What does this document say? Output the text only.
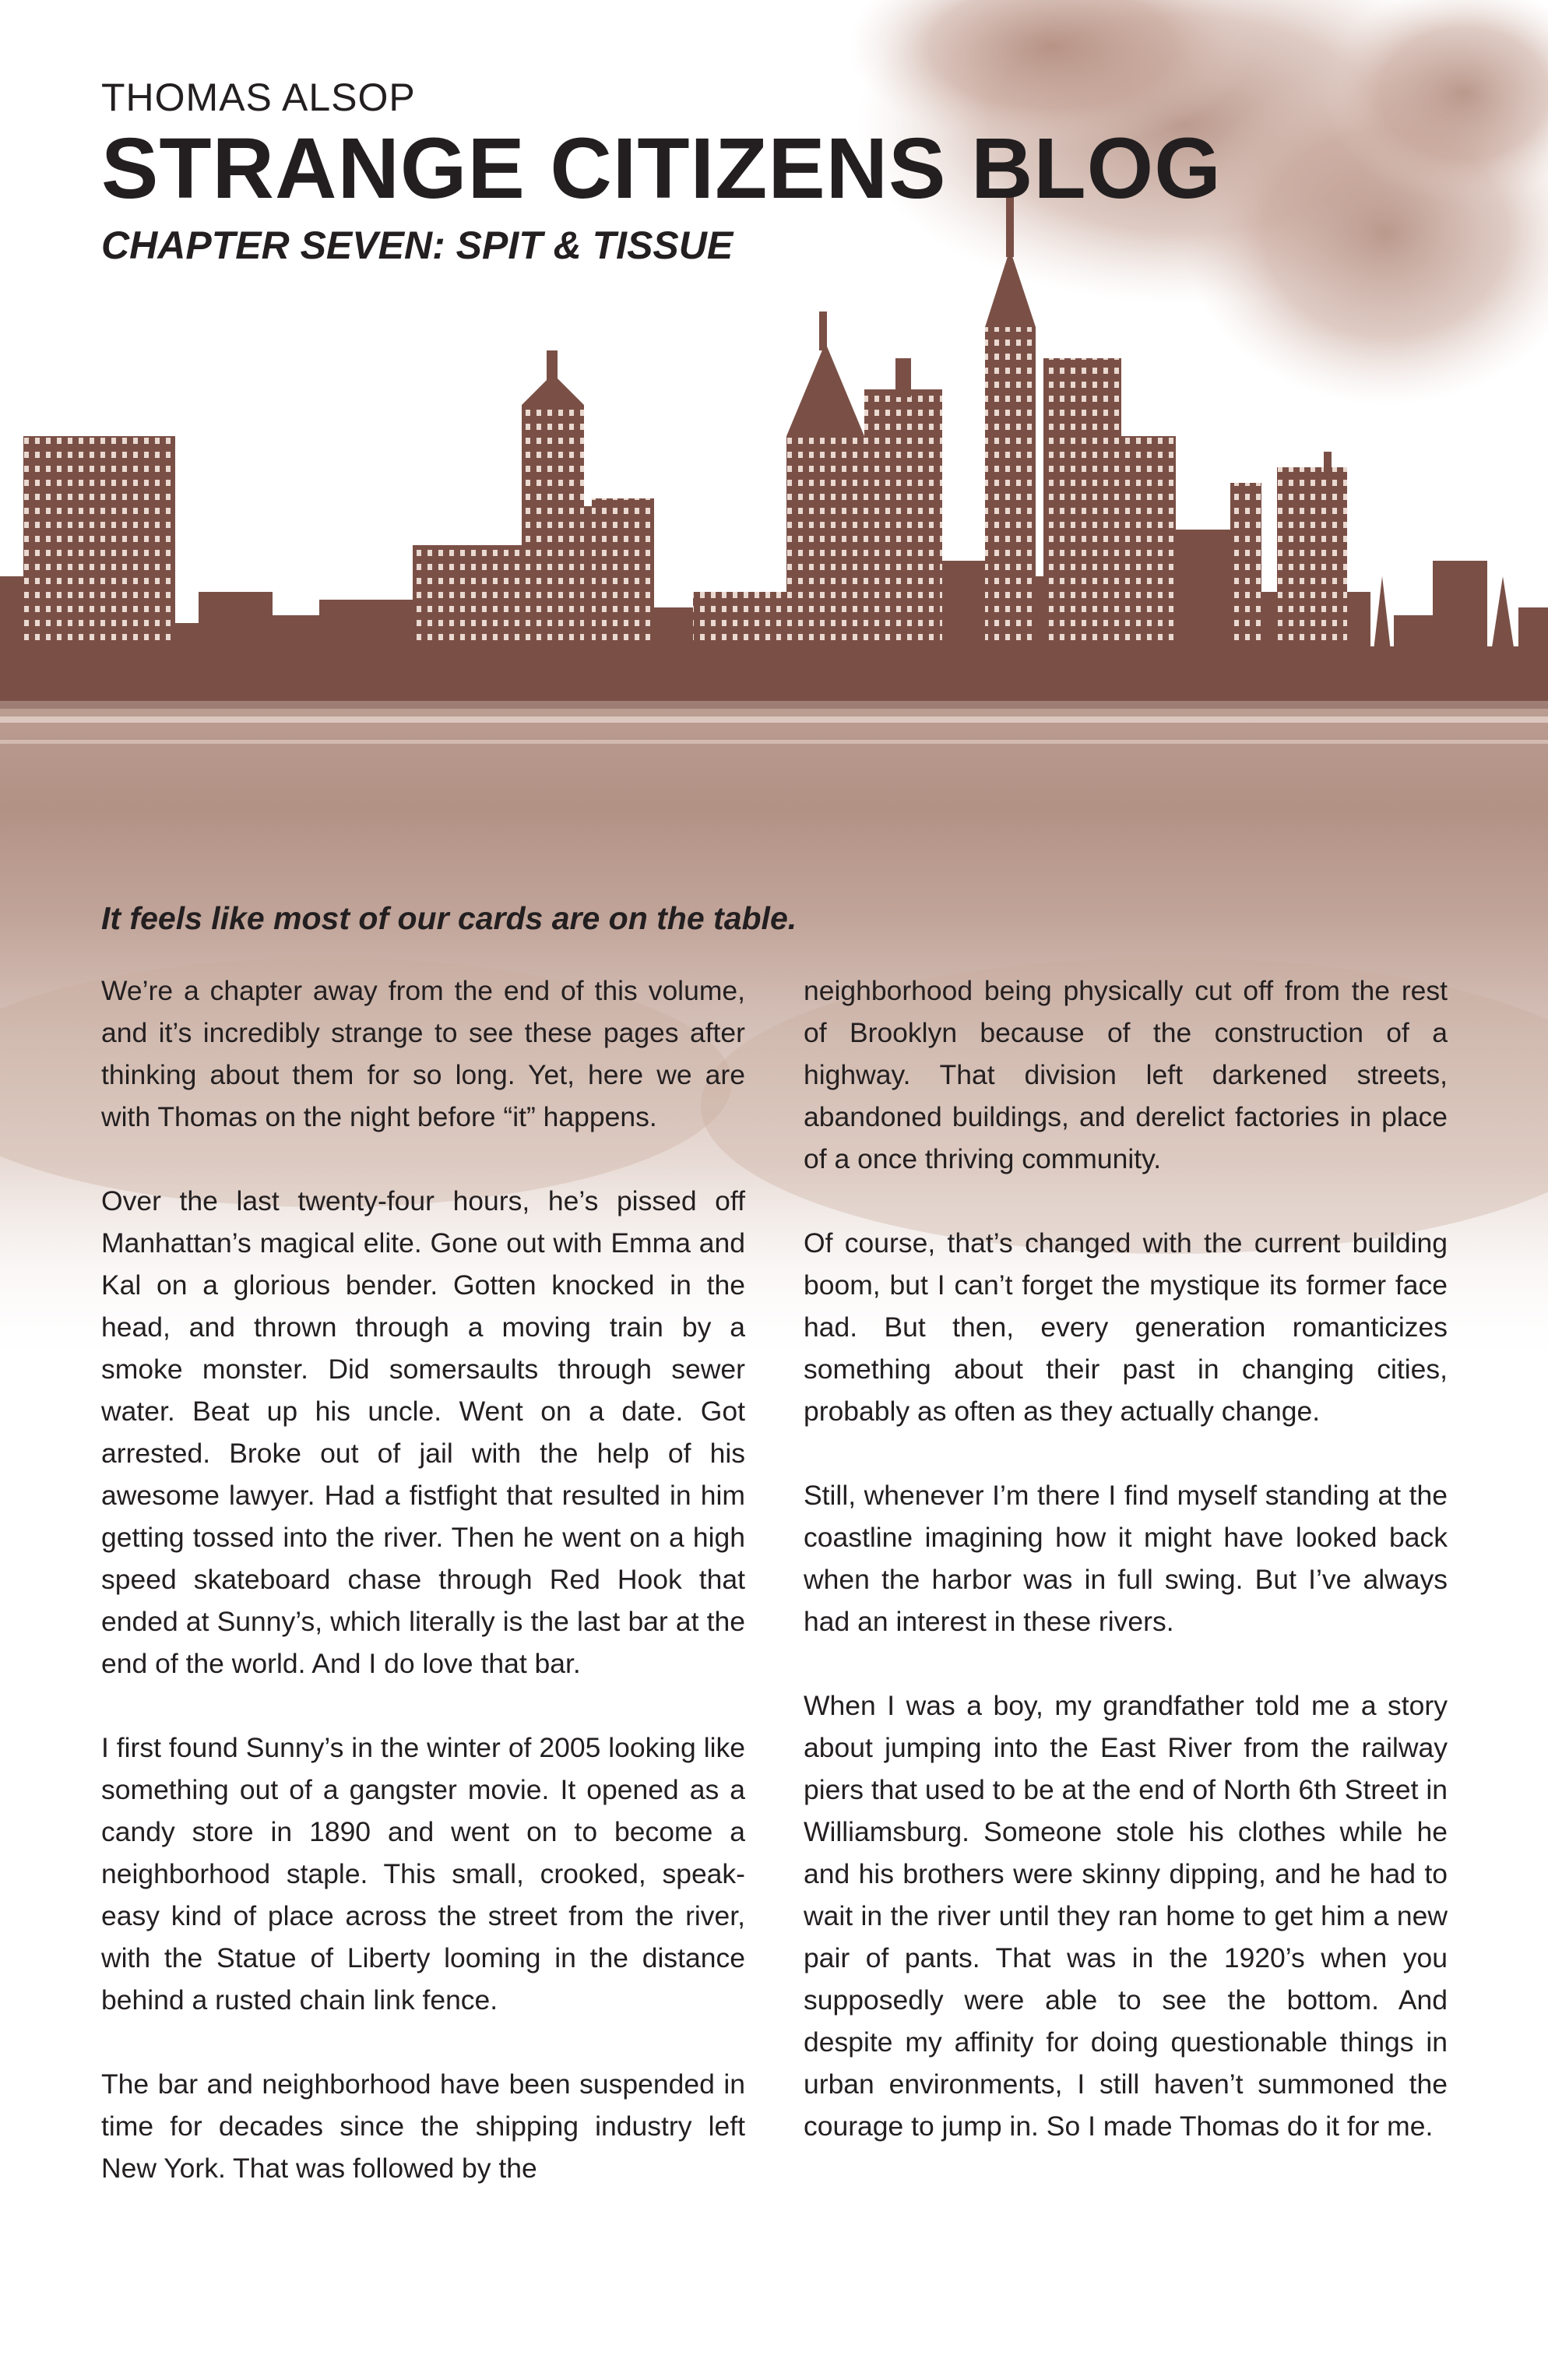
THOMAS ALSOP
STRANGE CITIZENS BLOG
CHAPTER SEVEN: SPIT & TISSUE
It feels like most of our cards are on the table.

We’re a chapter away from the end of this volume, and it’s incredibly strange to see these pages after thinking about them for so long. Yet, here we are with Thomas on the night before “it” happens.

Over the last twenty-four hours, he’s pissed off Manhattan’s magical elite. Gone out with Emma and Kal on a glorious bender. Gotten knocked in the head, and thrown through a moving train by a smoke monster. Did somersaults through sewer water. Beat up his uncle. Went on a date. Got arrested. Broke out of jail with the help of his awesome lawyer. Had a fistfight that resulted in him getting tossed into the river. Then he went on a high speed skateboard chase through Red Hook that ended at Sunny’s, which literally is the last bar at the end of the world. And I do love that bar.

I first found Sunny’s in the winter of 2005 looking like something out of a gangster movie. It opened as a candy store in 1890 and went on to become a neighborhood staple. This small, crooked, speak-easy kind of place across the street from the river, with the Statue of Liberty looming in the distance behind a rusted chain link fence.

The bar and neighborhood have been suspended in time for decades since the shipping industry left New York. That was followed by the

neighborhood being physically cut off from the rest of Brooklyn because of the construction of a highway. That division left darkened streets, abandoned buildings, and derelict factories in place of a once thriving community.

Of course, that’s changed with the current building boom, but I can’t forget the mystique its former face had. But then, every generation romanticizes something about their past in changing cities, probably as often as they actually change.

Still, whenever I’m there I find myself standing at the coastline imagining how it might have looked back when the harbor was in full swing. But I’ve always had an interest in these rivers.

When I was a boy, my grandfather told me a story about jumping into the East River from the railway piers that used to be at the end of North 6th Street in Williamsburg. Someone stole his clothes while he and his brothers were skinny dipping, and he had to wait in the river until they ran home to get him a new pair of pants. That was in the 1920’s when you supposedly were able to see the bottom. And despite my affinity for doing questionable things in urban environments, I still haven’t summoned the courage to jump in. So I made Thomas do it for me.
